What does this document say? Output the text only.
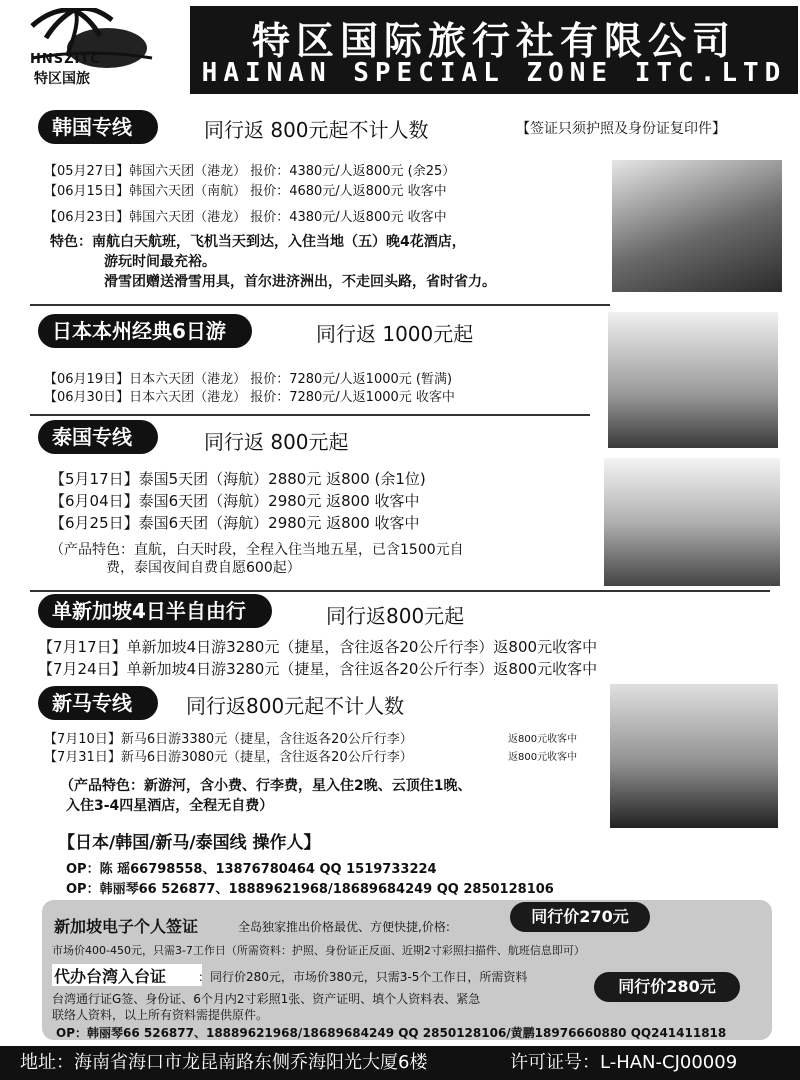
HNSZITC
特区国旅
特区国际旅行社有限公司
HAINAN SPECIAL ZONE ITC.LTD
韩国专线	同行返 800元起不计人数	【签证只须护照及身份证复印件】
【05月27日】韩国六天团（港龙） 报价：4380元/人返800元 (余25）
【06月15日】韩国六天团（南航） 报价：4680元/人返800元 收客中
【06月23日】韩国六天团（港龙） 报价：4380元/人返800元 收客中
特色：南航白天航班，飞机当天到达，入住当地（五）晚4花酒店，
游玩时间最充裕。
滑雪团赠送滑雪用具，首尔进济洲出，不走回头路，省时省力。
日本本州经典6日游	同行返 1000元起
【06月19日】日本六天团（港龙） 报价：7280元/人返1000元 (暂满)
【06月30日】日本六天团（港龙） 报价：7280元/人返1000元 收客中
泰国专线	同行返 800元起
【5月17日】泰国5天团（海航）2880元 返800 (余1位)
【6月04日】泰国6天团（海航）2980元 返800 收客中
【6月25日】泰国6天团（海航）2980元 返800 收客中
（产品特色：直航，白天时段，全程入住当地五星，已含1500元自
费，泰国夜间自费自愿600起）
单新加坡4日半自由行	同行返800元起
【7月17日】单新加坡4日游3280元（捷星，含往返各20公斤行李）返800元收客中
【7月24日】单新加坡4日游3280元（捷星，含往返各20公斤行李）返800元收客中
新马专线	同行返800元起不计人数
【7月10日】新马6日游3380元（捷星，含往返各20公斤行李）	返800元收客中
【7月31日】新马6日游3080元（捷星，含往返各20公斤行李）	返800元收客中
（产品特色：新游河，含小费、行李费，星入住2晚、云顶住1晚、
入住3-4四星酒店，全程无自费）
【日本/韩国/新马/泰国线 操作人】
OP：陈 瑶66798558、13876780464 QQ 1519733224
OP：韩丽琴66 526877、18889621968/18689684249 QQ 2850128106
新加坡电子个人签证	全岛独家推出价格最优、方便快捷,价格:
同行价270元
市场价400-450元，只需3-7工作日（所需资料：护照、身份证正反面、近期2寸彩照扫描件、航班信息即可）
代办台湾入台证	：同行价280元，市场价380元，只需3-5个工作日，所需资料	同行价280元
台湾通行证G签、身份证、6个月内2寸彩照1张、资产证明、填个人资料表、紧急
联络人资料，以上所有资料需提供原件。
OP：韩丽琴66 526877、18889621968/18689684249 QQ 2850128106/黄鹏18976660880 QQ241411818
地址：海南省海口市龙昆南路东侧乔海阳光大厦6楼	许可证号：L-HAN-CJ00009
